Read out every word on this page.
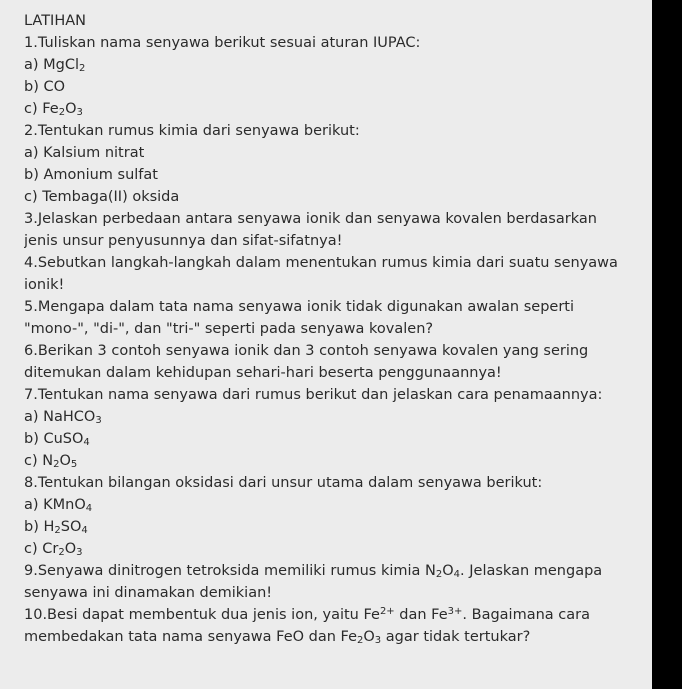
LATIHAN
1.Tuliskan nama senyawa berikut sesuai aturan IUPAC:
a) MgCl$_2$
b) CO
c) $Fe_2O_3$
2.Tentukan rumus kimia dari senyawa berikut:
a) Kalsium nitrat
b) Amonium sulfat
c) Tembaga(II) oksida
3.Jelaskan perbedaan antara senyawa ionik dan senyawa kovalen berdasarkan
jenis unsur penyusunnya dan sifat-sifatnya!
4.Sebutkan langkah-langkah dalam menentukan rumus kimia dari suatu senyawa
ionik!
5.Mengapa dalam tata nama senyawa ionik tidak digunakan awalan seperti
"mono-", "di-", dan "tri-" seperti pada senyawa kovalen?
6.Berikan 3 contoh senyawa ionik dan 3 contoh senyawa kovalen yang sering
ditemukan dalam kehidupan sehari-hari beserta penggunaannya!
7.Tentukan nama senyawa dari rumus berikut dan jelaskan cara penamaannya:
a) NaHCO$_3$
b) CuSO$_4$
c) $N_2O_5$
8.Tentukan bilangan oksidasi dari unsur utama dalam senyawa berikut:
a) KMnO$_4$
b) $H_2SO_4$
c) $Cr_2O_3$
9.Senyawa dinitrogen tetroksida memiliki rumus kimia $N_2O_4$. Jelaskan mengapa
senyawa ini dinamakan demikian!
10.Besi dapat membentuk dua jenis ion, yaitu $Fe^{2+}$ dan $Fe^{3+}$. Bagaimana cara
membedakan tata nama senyawa FeO dan $Fe_2O_3$ agar tidak tertukar?
